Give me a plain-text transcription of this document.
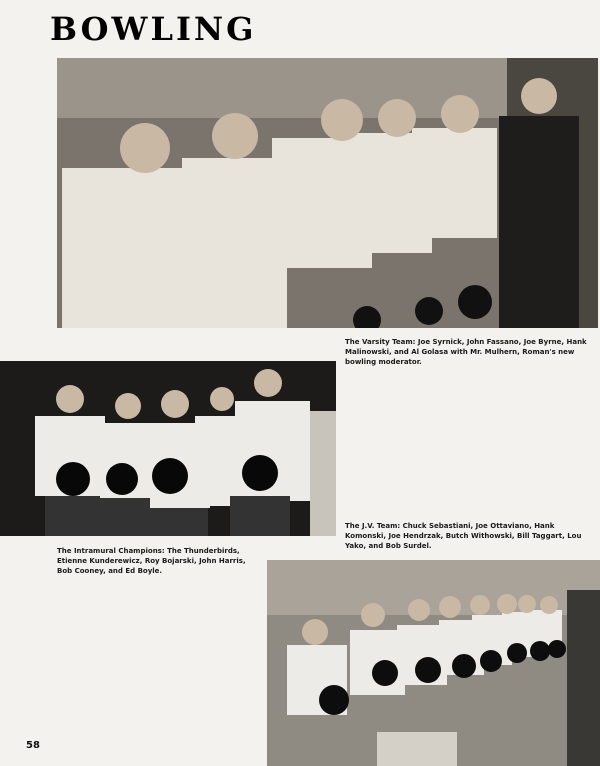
BOWLING
The Varsity Team: Joe Syrnick, John Fassano, Joe Byrne, Hank Malinowski, and Al Golasa with Mr. Mulhern, Roman's new bowling moderator.
The Intramural Champions: The Thunderbirds, Etienne Kunderewicz, Roy Bojarski, John Harris, Bob Cooney, and Ed Boyle.
The J.V. Team: Chuck Sebastiani, Joe Ottaviano, Hank Komonski, Joe Hendrzak, Butch Withowski, Bill Taggart, Lou Yako, and Bob Surdel.
58
